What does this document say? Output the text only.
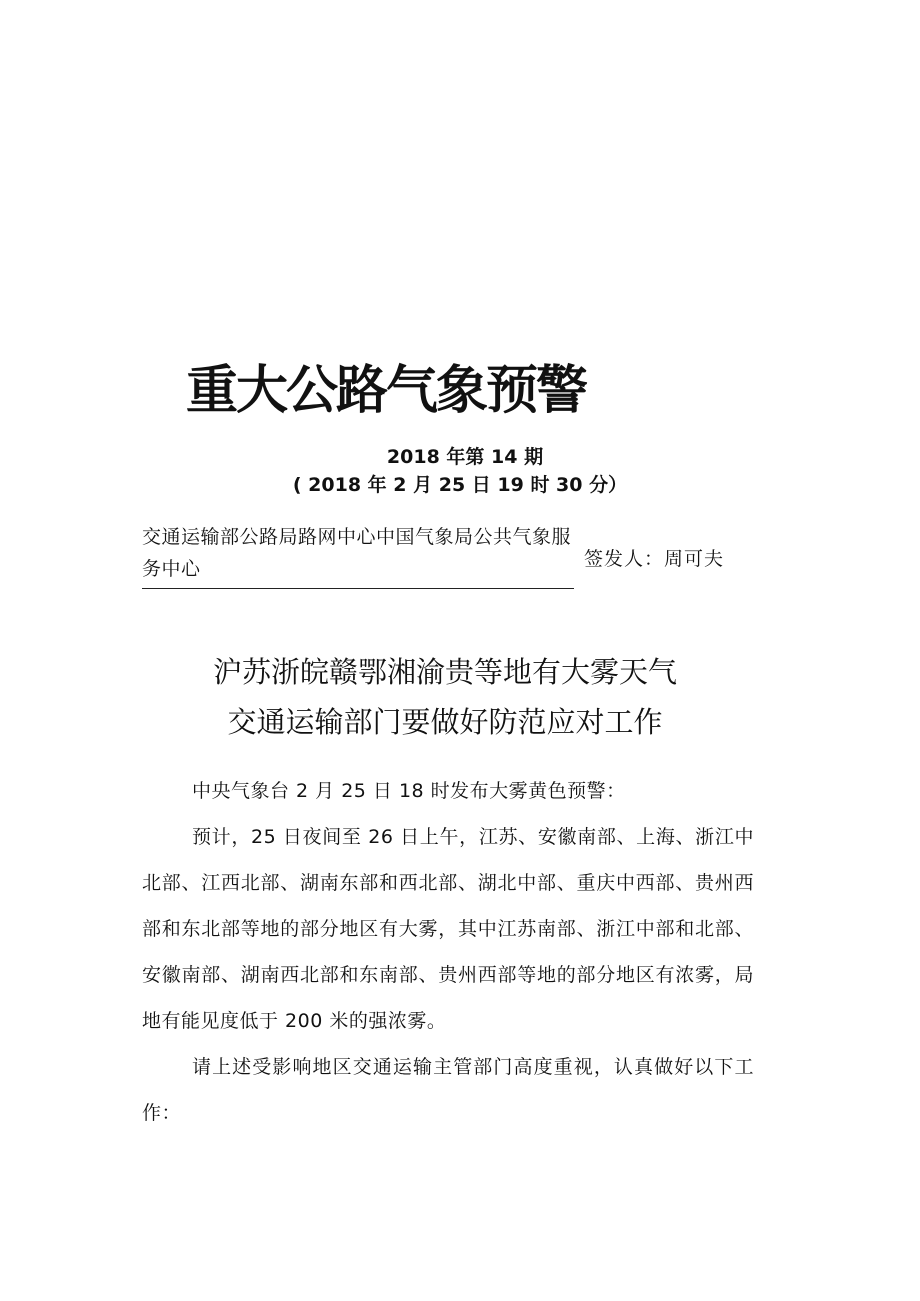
重大公路气象预警
2018 年第 14 期
( 2018 年 2 月 25 日 19 时 30 分）
交通运输部公路局路网中心中国气象局公共气象服务中心	签发人：周可夫
沪苏浙皖赣鄂湘渝贵等地有大雾天气
交通运输部门要做好防范应对工作
中央气象台 2 月 25 日 18 时发布大雾黄色预警：
预计，25 日夜间至 26 日上午，江苏、安徽南部、上海、浙江中北部、江西北部、湖南东部和西北部、湖北中部、重庆中西部、贵州西部和东北部等地的部分地区有大雾，其中江苏南部、浙江中部和北部、安徽南部、湖南西北部和东南部、贵州西部等地的部分地区有浓雾，局地有能见度低于 200 米的强浓雾。
请上述受影响地区交通运输主管部门高度重视，认真做好以下工作：
